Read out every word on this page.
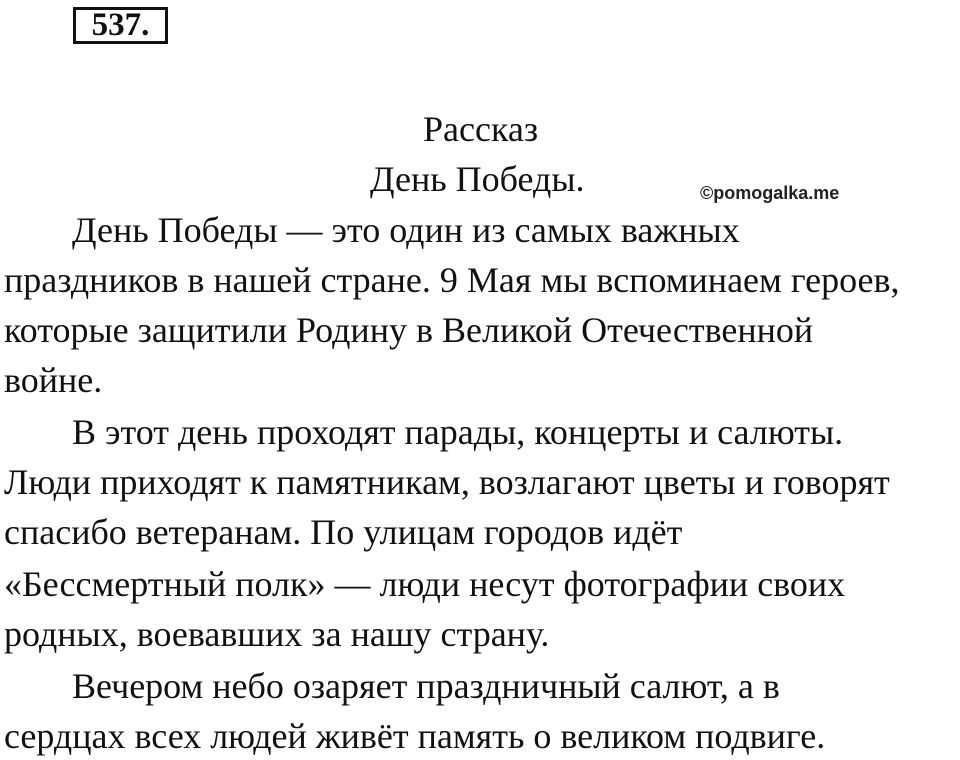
537.
Рассказ
День Победы.	©pomogalka.me
День Победы — это один из самых важных
праздников в нашей стране. 9 Мая мы вспоминаем героев,
которые защитили Родину в Великой Отечественной
войне.
В этот день проходят парады, концерты и салюты.
Люди приходят к памятникам, возлагают цветы и говорят
спасибо ветеранам. По улицам городов идёт
«Бессмертный полк» — люди несут фотографии своих
родных, воевавших за нашу страну.
Вечером небо озаряет праздничный салют, а в
сердцах всех людей живёт память о великом подвиге.
